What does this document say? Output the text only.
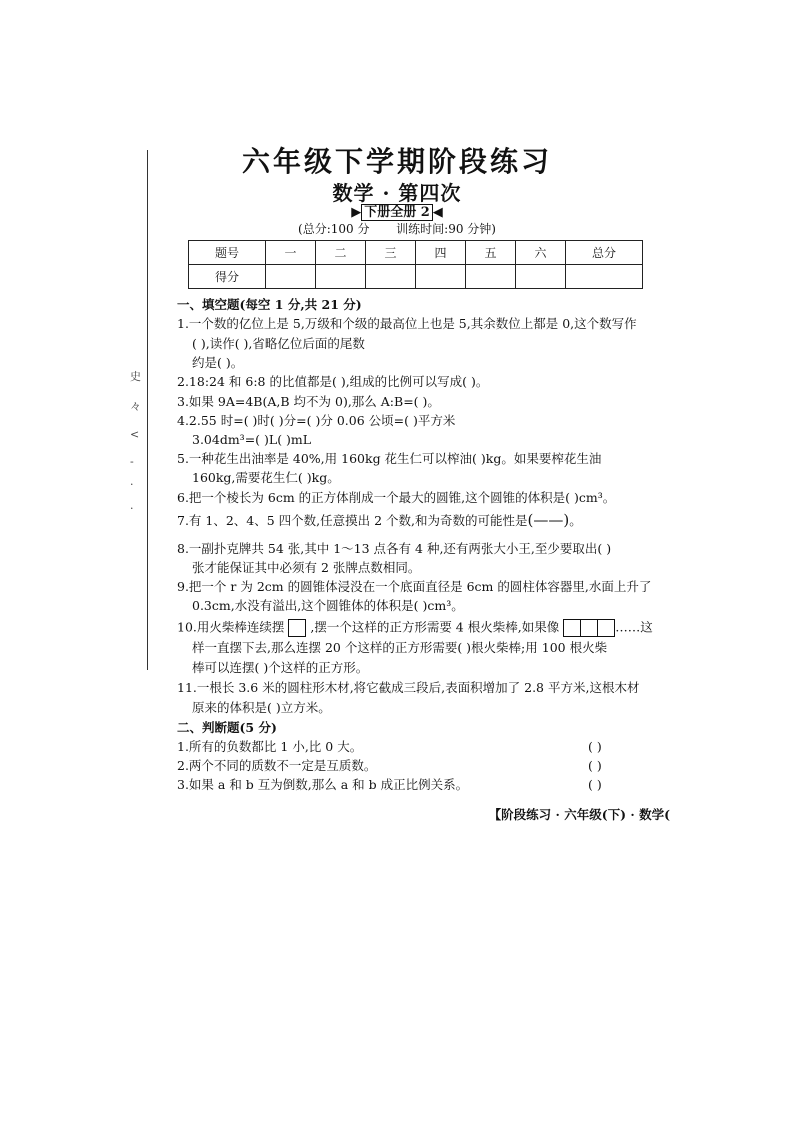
史
々
<
-
·
·
六年级下学期阶段练习
数学 · 第四次
▶ 下册全册 2 ◀
(总分:100 分 训练时间:90 分钟)
题号	一	二	三	四	五	六	总分
得分							
一、填空题(每空 1 分,共 21 分)
1.一个数的亿位上是 5,万级和个级的最高位上也是 5,其余数位上都是 0,这个数写作
( ),读作( ),省略亿位后面的尾数
约是( )。
2.18:24 和 6:8 的比值都是( ),组成的比例可以写成( )。
3.如果 9A=4B(A,B 均不为 0),那么 A:B=( )。
4.2.55 时=( )时( )分=( )分 0.06 公顷=( )平方米
3.04dm³=( )L( )mL
5.一种花生出油率是 40%,用 160kg 花生仁可以榨油( )kg。如果要榨花生油
160kg,需要花生仁( )kg。
6.把一个棱长为 6cm 的正方体削成一个最大的圆锥,这个圆锥的体积是( )cm³。
7.有 1、2、4、5 四个数,任意摸出 2 个数,和为奇数的可能性是(——)。
8.一副扑克牌共 54 张,其中 1～13 点各有 4 种,还有两张大小王,至少要取出( )
张才能保证其中必须有 2 张牌点数相同。
9.把一个 r 为 2cm 的圆锥体浸没在一个底面直径是 6cm 的圆柱体容器里,水面上升了
0.3cm,水没有溢出,这个圆锥体的体积是( )cm³。
10.用火柴棒连续摆 ,摆一个这样的正方形需要 4 根火柴棒,如果像	……这
样一直摆下去,那么连摆 20 个这样的正方形需要( )根火柴棒;用 100 根火柴
棒可以连摆( )个这样的正方形。
11.一根长 3.6 米的圆柱形木材,将它截成三段后,表面积增加了 2.8 平方米,这根木材
原来的体积是( )立方米。
二、判断题(5 分)
1.所有的负数都比 1 小,比 0 大。	( )
2.两个不同的质数不一定是互质数。	( )
3.如果 a 和 b 互为倒数,那么 a 和 b 成正比例关系。	( )
【阶段练习 · 六年级(下) · 数学(
